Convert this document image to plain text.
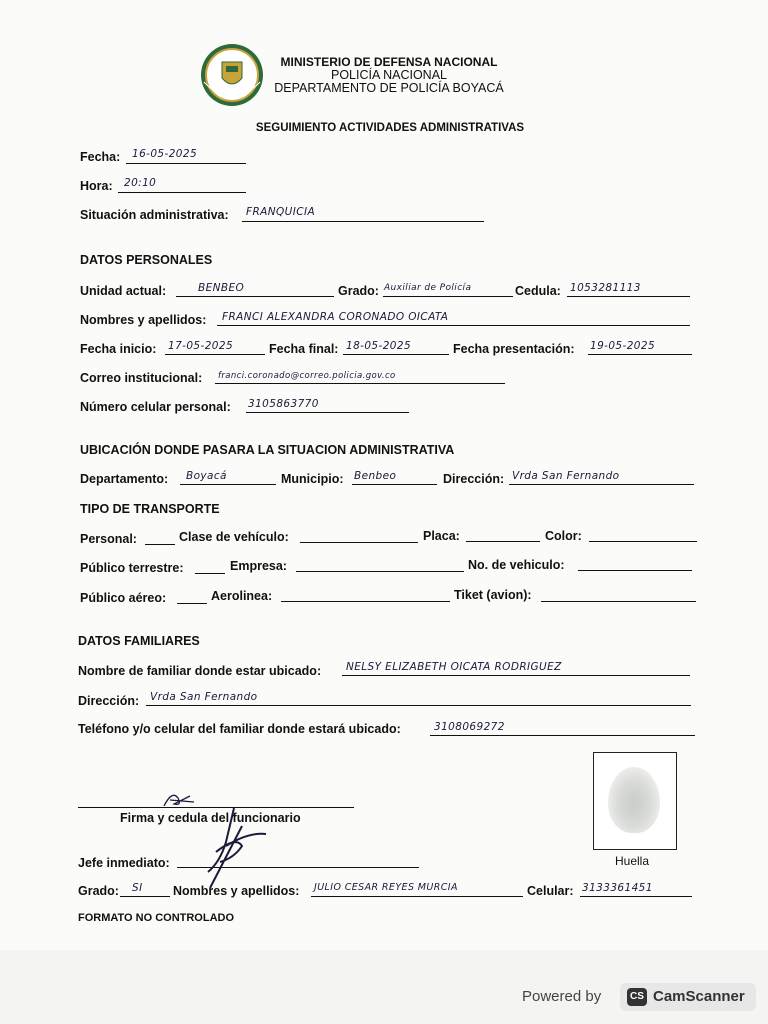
MINISTERIO DE DEFENSA NACIONAL
POLICÍA NACIONAL
DEPARTAMENTO DE POLICÍA BOYACÁ
SEGUIMIENTO ACTIVIDADES ADMINISTRATIVAS
Fecha: 16-05-2025
Hora: 20:10
Situación administrativa: FRANQUICIA
DATOS PERSONALES
Unidad actual:	BENBEO	Grado: Auxiliar de Policía	Cedula: 1053281113
Nombres y apellidos: FRANCI ALEXANDRA CORONADO OICATA
Fecha inicio: 17-05-2025	Fecha final: 18-05-2025	Fecha presentación: 19-05-2025
Correo institucional: franci.coronado@correo.policia.gov.co
Número celular personal: 3105863770
UBICACIÓN DONDE PASARA LA SITUACION ADMINISTRATIVA
Departamento: Boyacá	Municipio: Benbeo	Dirección: Vrda San Fernando
TIPO DE TRANSPORTE
Personal:	Clase de vehículo:	Placa:	Color:
Público terrestre:	Empresa:	No. de vehiculo:
Público aéreo:	Aerolinea:	Tiket (avion):
DATOS FAMILIARES
Nombre de familiar donde estar ubicado: NELSY ELIZABETH OICATA RODRIGUEZ
Dirección: Vrda San Fernando
Teléfono y/o celular del familiar donde estará ubicado:	3108069272
Firma y cedula del funcionario
Huella
Jefe inmediato:
Grado: SI Nombres y apellidos: JULIO CESAR REYES MURCIA	Celular: 3133361451
FORMATO NO CONTROLADO
Powered by	CS CamScanner
